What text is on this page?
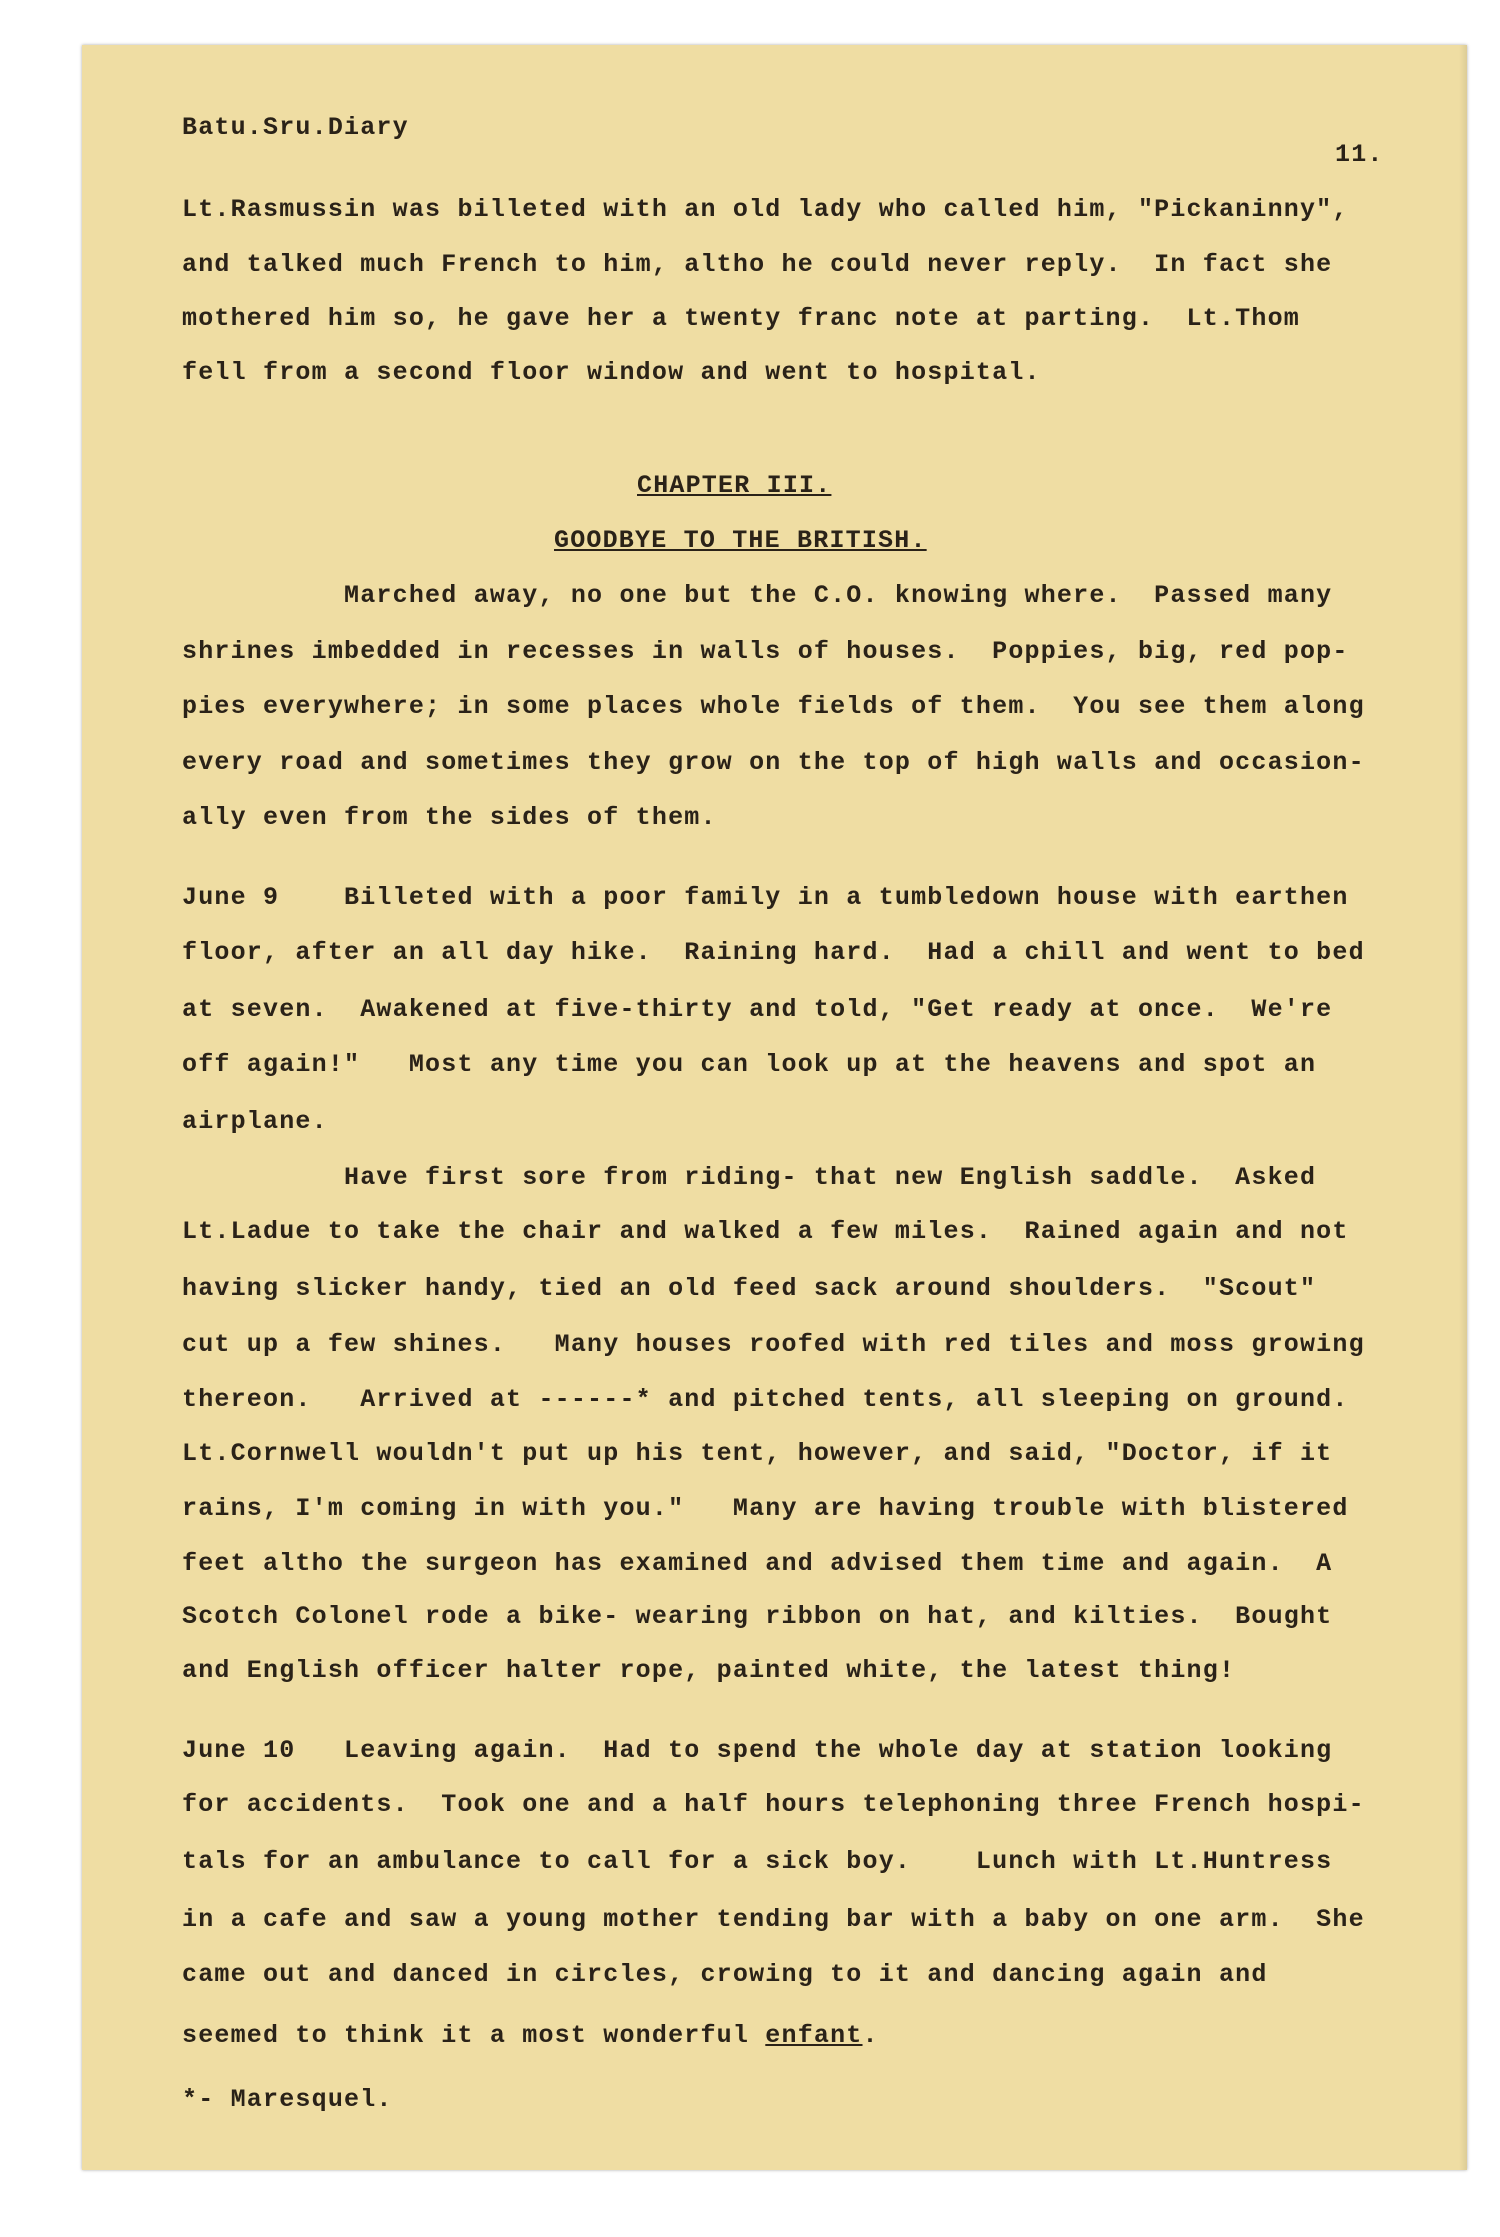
Batu.Sru.Diary
11.
Lt.Rasmussin was billeted with an old lady who called him, "Pickaninny",
and talked much French to him, altho he could never reply.  In fact she
mothered him so, he gave her a twenty franc note at parting.  Lt.Thom
fell from a second floor window and went to hospital.
CHAPTER III.
GOODBYE TO THE BRITISH.
Marched away, no one but the C.O. knowing where.  Passed many
shrines imbedded in recesses in walls of houses.  Poppies, big, red pop-
pies everywhere; in some places whole fields of them.  You see them along
every road and sometimes they grow on the top of high walls and occasion-
ally even from the sides of them.
June 9    Billeted with a poor family in a tumbledown house with earthen
floor, after an all day hike.  Raining hard.  Had a chill and went to bed
at seven.  Awakened at five-thirty and told, "Get ready at once.  We're
off again!"   Most any time you can look up at the heavens and spot an
airplane.
Have first sore from riding- that new English saddle.  Asked
Lt.Ladue to take the chair and walked a few miles.  Rained again and not
having slicker handy, tied an old feed sack around shoulders.  "Scout"
cut up a few shines.   Many houses roofed with red tiles and moss growing
thereon.   Arrived at ------* and pitched tents, all sleeping on ground.
Lt.Cornwell wouldn't put up his tent, however, and said, "Doctor, if it
rains, I'm coming in with you."   Many are having trouble with blistered
feet altho the surgeon has examined and advised them time and again.  A
Scotch Colonel rode a bike- wearing ribbon on hat, and kilties.  Bought
and English officer halter rope, painted white, the latest thing!
June 10   Leaving again.  Had to spend the whole day at station looking
for accidents.  Took one and a half hours telephoning three French hospi-
tals for an ambulance to call for a sick boy.    Lunch with Lt.Huntress
in a cafe and saw a young mother tending bar with a baby on one arm.  She
came out and danced in circles, crowing to it and dancing again and
seemed to think it a most wonderful enfant.
*- Maresquel.
